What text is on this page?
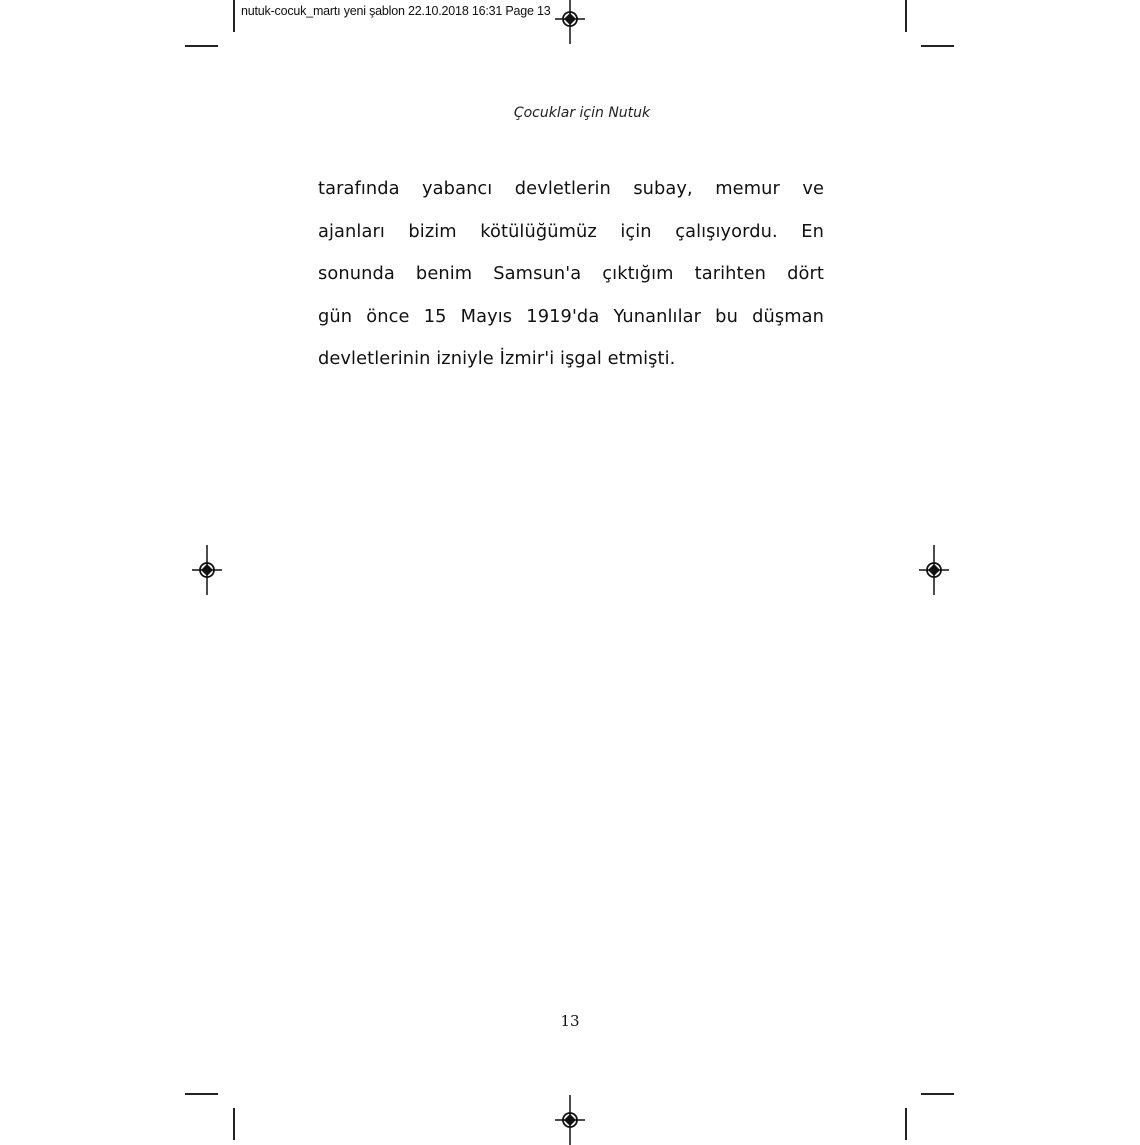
nutuk-cocuk_martı yeni şablon 22.10.2018 16:31 Page 13
Çocuklar için Nutuk
tarafında yabancı devletlerin subay, memur ve
ajanları bizim kötülüğümüz için çalışıyordu. En
sonunda benim Samsun'a çıktığım tarihten dört
gün önce 15 Mayıs 1919'da Yunanlılar bu düşman
devletlerinin izniyle İzmir'i işgal etmişti.
13
